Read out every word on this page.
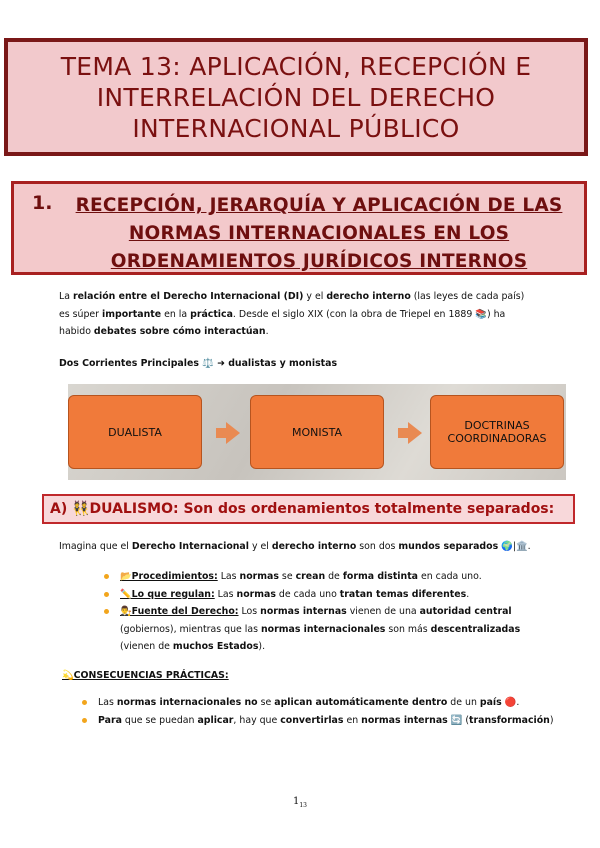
TEMA 13: APLICACIÓN, RECEPCIÓN E
INTERRELACIÓN DEL DERECHO
INTERNACIONAL PÚBLICO
1.	RECEPCIÓN, JERARQUÍA Y APLICACIÓN DE LAS
NORMAS INTERNACIONALES EN LOS
ORDENAMIENTOS JURÍDICOS INTERNOS
La relación entre el Derecho Internacional (DI) y el derecho interno (las leyes de cada país) es súper importante en la práctica. Desde el siglo XIX (con la obra de Triepel en 1889 📚) ha habido debates sobre cómo interactúan.
Dos Corrientes Principales ⚖️ ➜ dualistas y monistas
DUALISTA	MONISTA	DOCTRINAS COORDINADORAS
A) 👯DUALISMO: Son dos ordenamientos totalmente separados:
Imagina que el Derecho Internacional y el derecho interno son dos mundos separados 🌍|🏛️.
📂Procedimientos: Las normas se crean de forma distinta en cada uno.
✏️Lo que regulan: Las normas de cada uno tratan temas diferentes.
👨‍⚖️Fuente del Derecho: Los normas internas vienen de una autoridad central (gobiernos), mientras que las normas internacionales son más descentralizadas (vienen de muchos Estados).
💫CONSECUENCIAS PRÁCTICAS:
Las normas internacionales no se aplican automáticamente dentro de un país 🔴.
Para que se puedan aplicar, hay que convertirlas en normas internas 🔄 (transformación)
$1_{13}$
